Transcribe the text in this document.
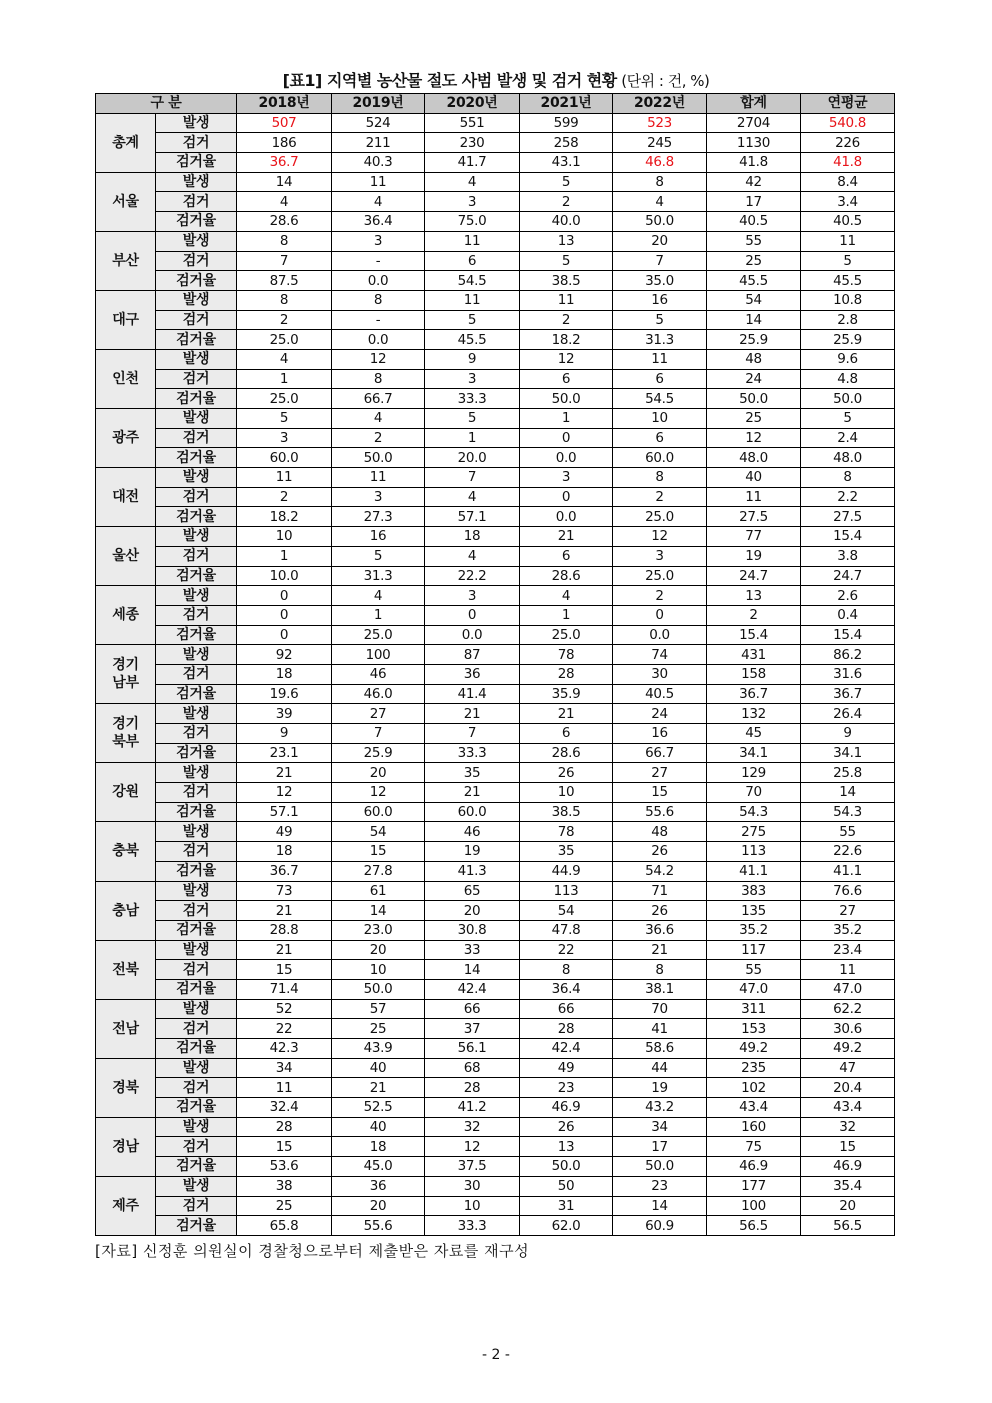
[표1] 지역별 농산물 절도 사범 발생 및 검거 현황 (단위 : 건, %)
구 분		2018년	2019년	2020년	2021년	2022년	합계	연평균
총계	발생	507	524	551	599	523	2704	540.8
	검거	186	211	230	258	245	1130	226
	검거율	36.7	40.3	41.7	43.1	46.8	41.8	41.8
서울	발생	14	11	4	5	8	42	8.4
	검거	4	4	3	2	4	17	3.4
	검거율	28.6	36.4	75.0	40.0	50.0	40.5	40.5
부산	발생	8	3	11	13	20	55	11
	검거	7	-	6	5	7	25	5
	검거율	87.5	0.0	54.5	38.5	35.0	45.5	45.5
대구	발생	8	8	11	11	16	54	10.8
	검거	2	-	5	2	5	14	2.8
	검거율	25.0	0.0	45.5	18.2	31.3	25.9	25.9
인천	발생	4	12	9	12	11	48	9.6
	검거	1	8	3	6	6	24	4.8
	검거율	25.0	66.7	33.3	50.0	54.5	50.0	50.0
광주	발생	5	4	5	1	10	25	5
	검거	3	2	1	0	6	12	2.4
	검거율	60.0	50.0	20.0	0.0	60.0	48.0	48.0
대전	발생	11	11	7	3	8	40	8
	검거	2	3	4	0	2	11	2.2
	검거율	18.2	27.3	57.1	0.0	25.0	27.5	27.5
울산	발생	10	16	18	21	12	77	15.4
	검거	1	5	4	6	3	19	3.8
	검거율	10.0	31.3	22.2	28.6	25.0	24.7	24.7
세종	발생	0	4	3	4	2	13	2.6
	검거	0	1	0	1	0	2	0.4
	검거율	0	25.0	0.0	25.0	0.0	15.4	15.4
경기
남부	발생	92	100	87	78	74	431	86.2
	검거	18	46	36	28	30	158	31.6
	검거율	19.6	46.0	41.4	35.9	40.5	36.7	36.7
경기
북부	발생	39	27	21	21	24	132	26.4
	검거	9	7	7	6	16	45	9
	검거율	23.1	25.9	33.3	28.6	66.7	34.1	34.1
강원	발생	21	20	35	26	27	129	25.8
	검거	12	12	21	10	15	70	14
	검거율	57.1	60.0	60.0	38.5	55.6	54.3	54.3
충북	발생	49	54	46	78	48	275	55
	검거	18	15	19	35	26	113	22.6
	검거율	36.7	27.8	41.3	44.9	54.2	41.1	41.1
충남	발생	73	61	65	113	71	383	76.6
	검거	21	14	20	54	26	135	27
	검거율	28.8	23.0	30.8	47.8	36.6	35.2	35.2
전북	발생	21	20	33	22	21	117	23.4
	검거	15	10	14	8	8	55	11
	검거율	71.4	50.0	42.4	36.4	38.1	47.0	47.0
전남	발생	52	57	66	66	70	311	62.2
	검거	22	25	37	28	41	153	30.6
	검거율	42.3	43.9	56.1	42.4	58.6	49.2	49.2
경북	발생	34	40	68	49	44	235	47
	검거	11	21	28	23	19	102	20.4
	검거율	32.4	52.5	41.2	46.9	43.2	43.4	43.4
경남	발생	28	40	32	26	34	160	32
	검거	15	18	12	13	17	75	15
	검거율	53.6	45.0	37.5	50.0	50.0	46.9	46.9
제주	발생	38	36	30	50	23	177	35.4
	검거	25	20	10	31	14	100	20
	검거율	65.8	55.6	33.3	62.0	60.9	56.5	56.5
[자료] 신정훈 의원실이 경찰청으로부터 제출받은 자료를 재구성
- 2 -
